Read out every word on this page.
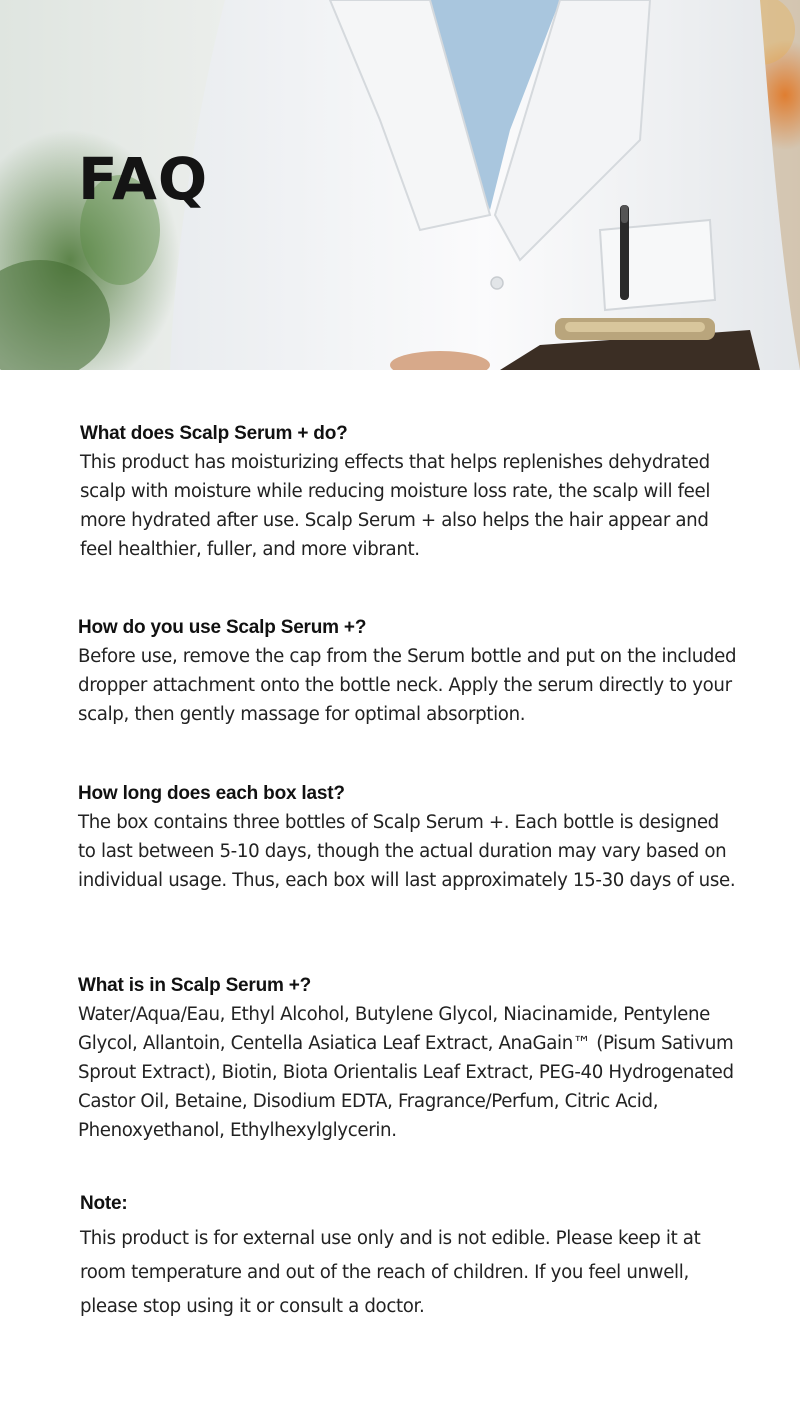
FAQ
What does Scalp Serum + do?

This product has moisturizing effects that helps replenishes dehydrated scalp with moisture while reducing moisture loss rate, the scalp will feel more hydrated after use. Scalp Serum + also helps the hair appear and feel healthier, fuller, and more vibrant.

How do you use Scalp Serum +?

Before use, remove the cap from the Serum bottle and put on the included dropper attachment onto the bottle neck. Apply the serum directly to your scalp, then gently massage for optimal absorption.

How long does each box last?

The box contains three bottles of Scalp Serum +. Each bottle is designed to last between 5-10 days, though the actual duration may vary based on individual usage. Thus, each box will last approximately 15-30 days of use.

What is in Scalp Serum +?

Water/Aqua/Eau, Ethyl Alcohol, Butylene Glycol, Niacinamide, Pentylene Glycol, Allantoin, Centella Asiatica Leaf Extract, AnaGain™ (Pisum Sativum Sprout Extract), Biotin, Biota Orientalis Leaf Extract, PEG-40 Hydrogenated Castor Oil, Betaine, Disodium EDTA, Fragrance/Perfum, Citric Acid, Phenoxyethanol, Ethylhexylglycerin.

Note:

This product is for external use only and is not edible. Please keep it at room temperature and out of the reach of children. If you feel unwell, please stop using it or consult a doctor.
